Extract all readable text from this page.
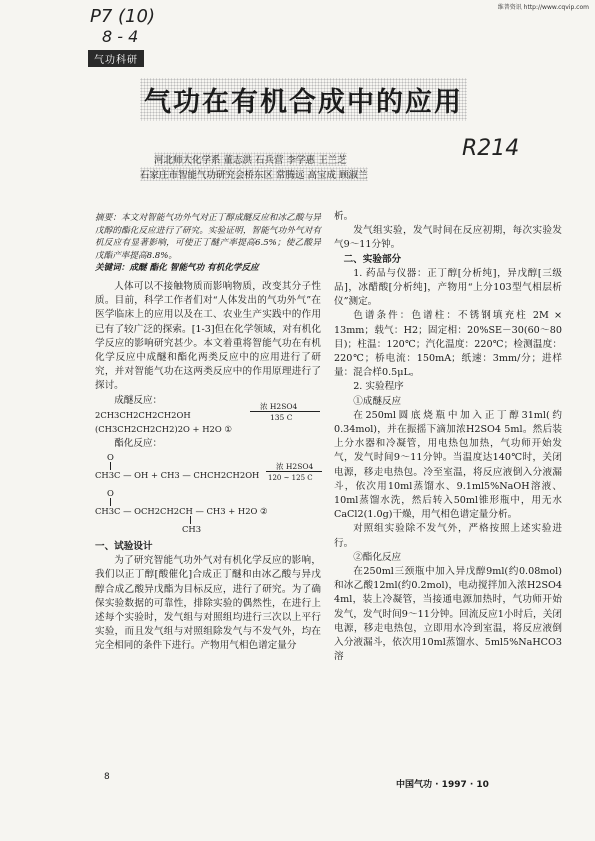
P7 (10)
8 - 4
R214
维普资讯 http://www.cqvip.com
气功科研
气功在有机合成中的应用
河北师大化学系 董志洪 石兵营 李学惠 王兰芝
石家庄市智能气功研究会桥东区 常腾远 高宝成 顾淑兰
摘要：本文对智能气功外气对正丁醇成醚反应和冰乙酸与异戊醇的酯化反应进行了研究。实验证明，智能气功外气对有机反应有显著影响，可使正丁醚产率提高6.5%；使乙酸异戊酯产率提高8.8%。
关键词：成醚 酯化 智能气功 有机化学反应

人体可以不接触物质而影响物质，改变其分子性质。目前，科学工作者们对“人体发出的气功外气”在医学临床上的应用以及在工、农业生产实践中的作用已有了较广泛的探索。[1-3]但在化学领域，对有机化学反应的影响研究甚少。本文着重将智能气功在有机化学反应中成醚和酯化两类反应中的应用进行了研究，并对智能气功在这两类反应中的作用原理进行了探讨。

成醚反应：

2CH3CH2CH2CH2OH
浓 H2SO4
135 C
(CH3CH2CH2CH2)2O + H2O ①

酯化反应：

O
CH3C — OH + CH3 — CHCH2CH2OH
浓 H2SO4
120 ~ 125 C
O
CH3C — OCH2CH2CH — CH3 + H2O ②
CH3

一、试验设计

为了研究智能气功外气对有机化学反应的影响，我们以正丁醇[酸催化]合成正丁醚和由冰乙酸与异戊醇合成乙酸异戊酯为目标反应，进行了研究。为了确保实验数据的可靠性，排除实验的偶然性，在进行上述每个实验时，发气组与对照组均进行三次以上平行实验，而且发气组与对照组除发气与不发气外，均在完全相同的条件下进行。产物用气相色谱定量分

8

析。

发气组实验，发气时间在反应初期，每次实验发气9～11分钟。

二、实验部分

1. 药品与仪器：正丁醇[分析纯]，异戊醇[三级品]，冰醋酸[分析纯]，产物用“上分103型气相层析仪”测定。

色谱条件：色谱柱：不锈钢填充柱 2M × 13mm；载气：H2；固定相：20%SE－30(60～80目)；柱温：120℃；汽化温度：220℃；检测温度：220℃；桥电流：150mA；纸速：3mm/分；进样量：混合样0.5μL。

2. 实验程序

①成醚反应

在250ml圆底烧瓶中加入正丁醇31ml(约0.34mol)，并在振摇下滴加浓H2SO4 5ml。然后装上分水器和冷凝管，用电热包加热，气功师开始发气，发气时间9～11分钟。当温度达140℃时，关闭电源，移走电热包。冷至室温，将反应液倒入分液漏斗，依次用10ml蒸馏水、9.1ml5%NaOH溶液、10ml蒸馏水洗，然后转入50ml锥形瓶中，用无水CaCl2(1.0g)干燥，用气相色谱定量分析。

对照组实验除不发气外，严格按照上述实验进行。

②酯化反应

在250ml三颈瓶中加入异戊醇9ml(约0.08mol)和冰乙酸12ml(约0.2mol)，电动搅拌加入浓H2SO4 4ml，装上冷凝管，当接通电源加热时，气功师开始发气，发气时间9～11分钟。回流反应1小时后，关闭电源，移走电热包，立即用水冷到室温，将反应液倒入分液漏斗，依次用10ml蒸馏水、5ml5%NaHCO3溶

中国气功 · 1997 · 10
